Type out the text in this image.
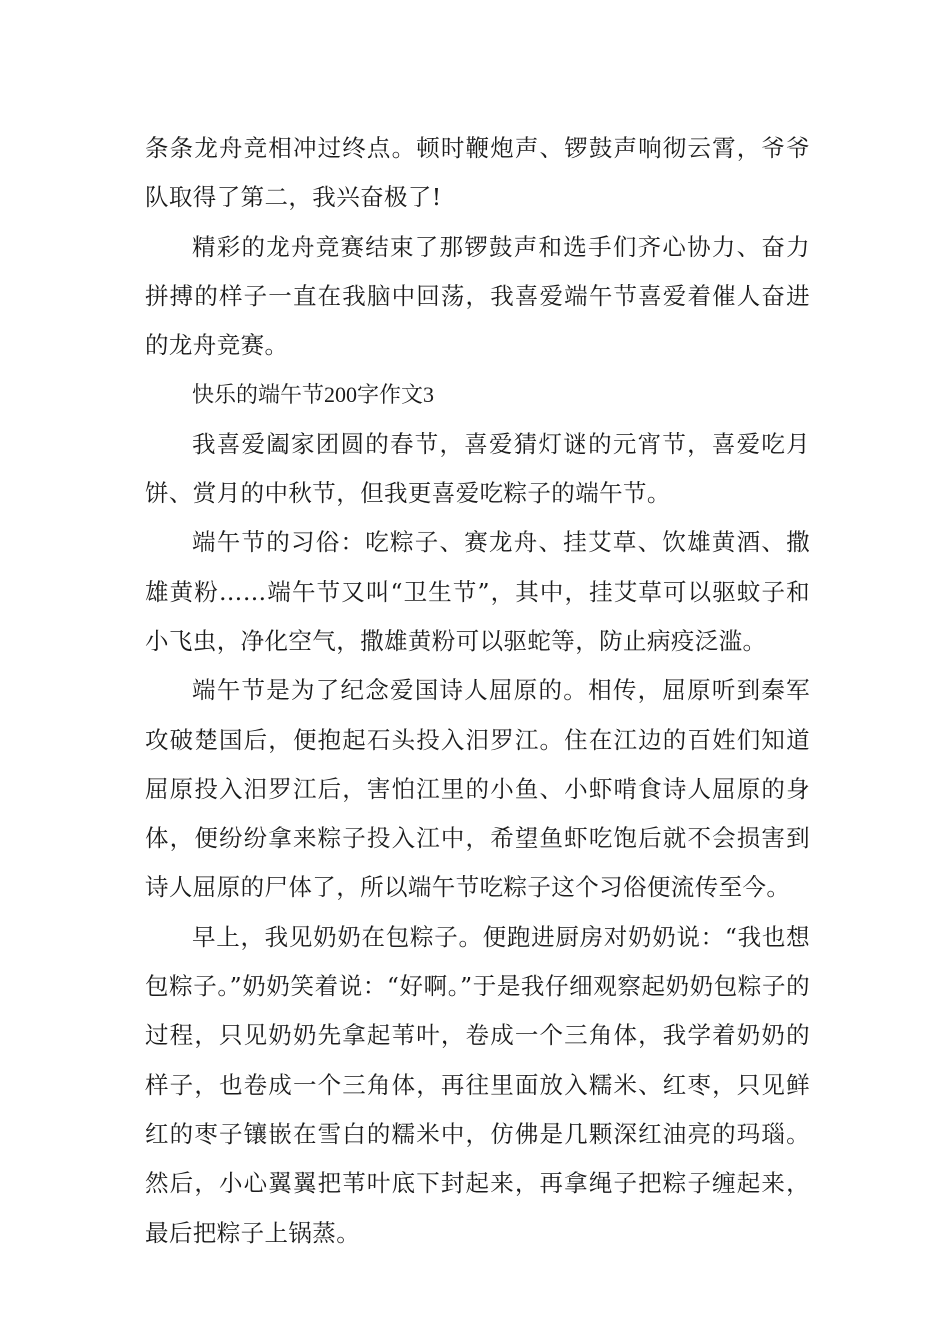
条条龙舟竞相冲过终点。顿时鞭炮声、锣鼓声响彻云霄，爷爷队取得了第二，我兴奋极了!

精彩的龙舟竞赛结束了那锣鼓声和选手们齐心协力、奋力拼搏的样子一直在我脑中回荡，我喜爱端午节喜爱着催人奋进的龙舟竞赛。

快乐的端午节200字作文3

我喜爱阖家团圆的春节，喜爱猜灯谜的元宵节，喜爱吃月饼、赏月的中秋节，但我更喜爱吃粽子的端午节。

端午节的习俗：吃粽子、赛龙舟、挂艾草、饮雄黄酒、撒雄黄粉……端午节又叫“卫生节”，其中，挂艾草可以驱蚊子和小飞虫，净化空气，撒雄黄粉可以驱蛇等，防止病疫泛滥。

端午节是为了纪念爱国诗人屈原的。相传，屈原听到秦军攻破楚国后，便抱起石头投入汨罗江。住在江边的百姓们知道屈原投入汨罗江后，害怕江里的小鱼、小虾啃食诗人屈原的身体，便纷纷拿来粽子投入江中，希望鱼虾吃饱后就不会损害到诗人屈原的尸体了，所以端午节吃粽子这个习俗便流传至今。

早上，我见奶奶在包粽子。便跑进厨房对奶奶说：“我也想包粽子。”奶奶笑着说：“好啊。”于是我仔细观察起奶奶包粽子的过程，只见奶奶先拿起苇叶，卷成一个三角体，我学着奶奶的样子，也卷成一个三角体，再往里面放入糯米、红枣，只见鲜红的枣子镶嵌在雪白的糯米中，仿佛是几颗深红油亮的玛瑙。然后，小心翼翼把苇叶底下封起来，再拿绳子把粽子缠起来，最后把粽子上锅蒸。
